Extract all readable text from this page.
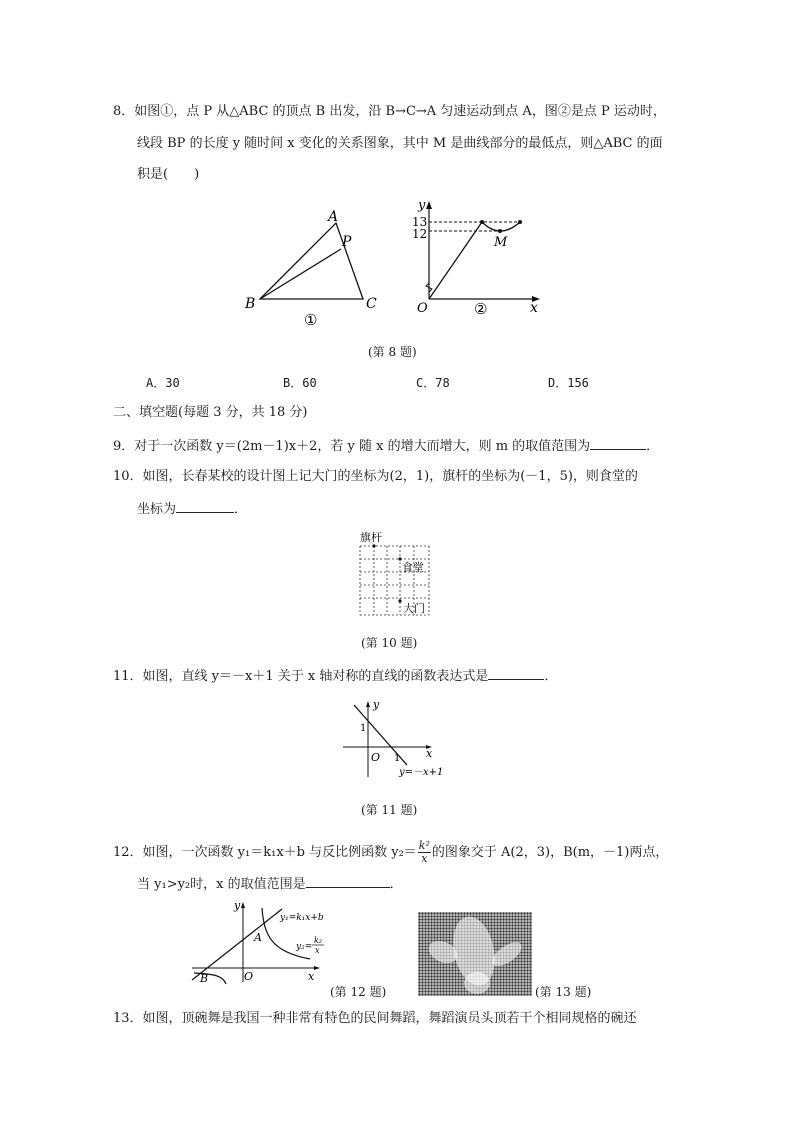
8．如图①，点 P 从△ABC 的顶点 B 出发，沿 B→C→A 匀速运动到点 A，图②是点 P 运动时，
线段 BP 的长度 y 随时间 x 变化的关系图象，其中 M 是曲线部分的最低点，则△ABC 的面
积是(　　)
A
P
B	C
①
y
13
12
M
O	x
②
(第 8 题)
A．30	B．60	C．78	D．156
二、填空题(每题 3 分，共 18 分)
9．对于一次函数 y＝(2m－1)x＋2，若 y 随 x 的增大而增大，则 m 的取值范围为	．
10．如图，长春某校的设计图上记大门的坐标为(2，1)，旗杆的坐标为(－1，5)，则食堂的
坐标为	．
旗杆
食堂
大门
(第 10 题)
11．如图，直线 y＝－x＋1 关于 x 轴对称的直线的函数表达式是	．
y
x
1
O 1
y=－x+1
(第 11 题)
12．如图，一次函数 y₁＝k₁x＋b 与反比例函数 $y_2= \frac{\text{k²}}{x}$ 的图象交于 A(2，3)，B(m，－1)两点，
当 y₁>y₂时，x 的取值范围是	．
y
x
O
A
B
y₁=k₁x+b
y₂=
k₂
x
(第 12 题)	(第 13 题)
13．如图，顶碗舞是我国一种非常有特色的民间舞蹈，舞蹈演员头顶若干个相同规格的碗还
